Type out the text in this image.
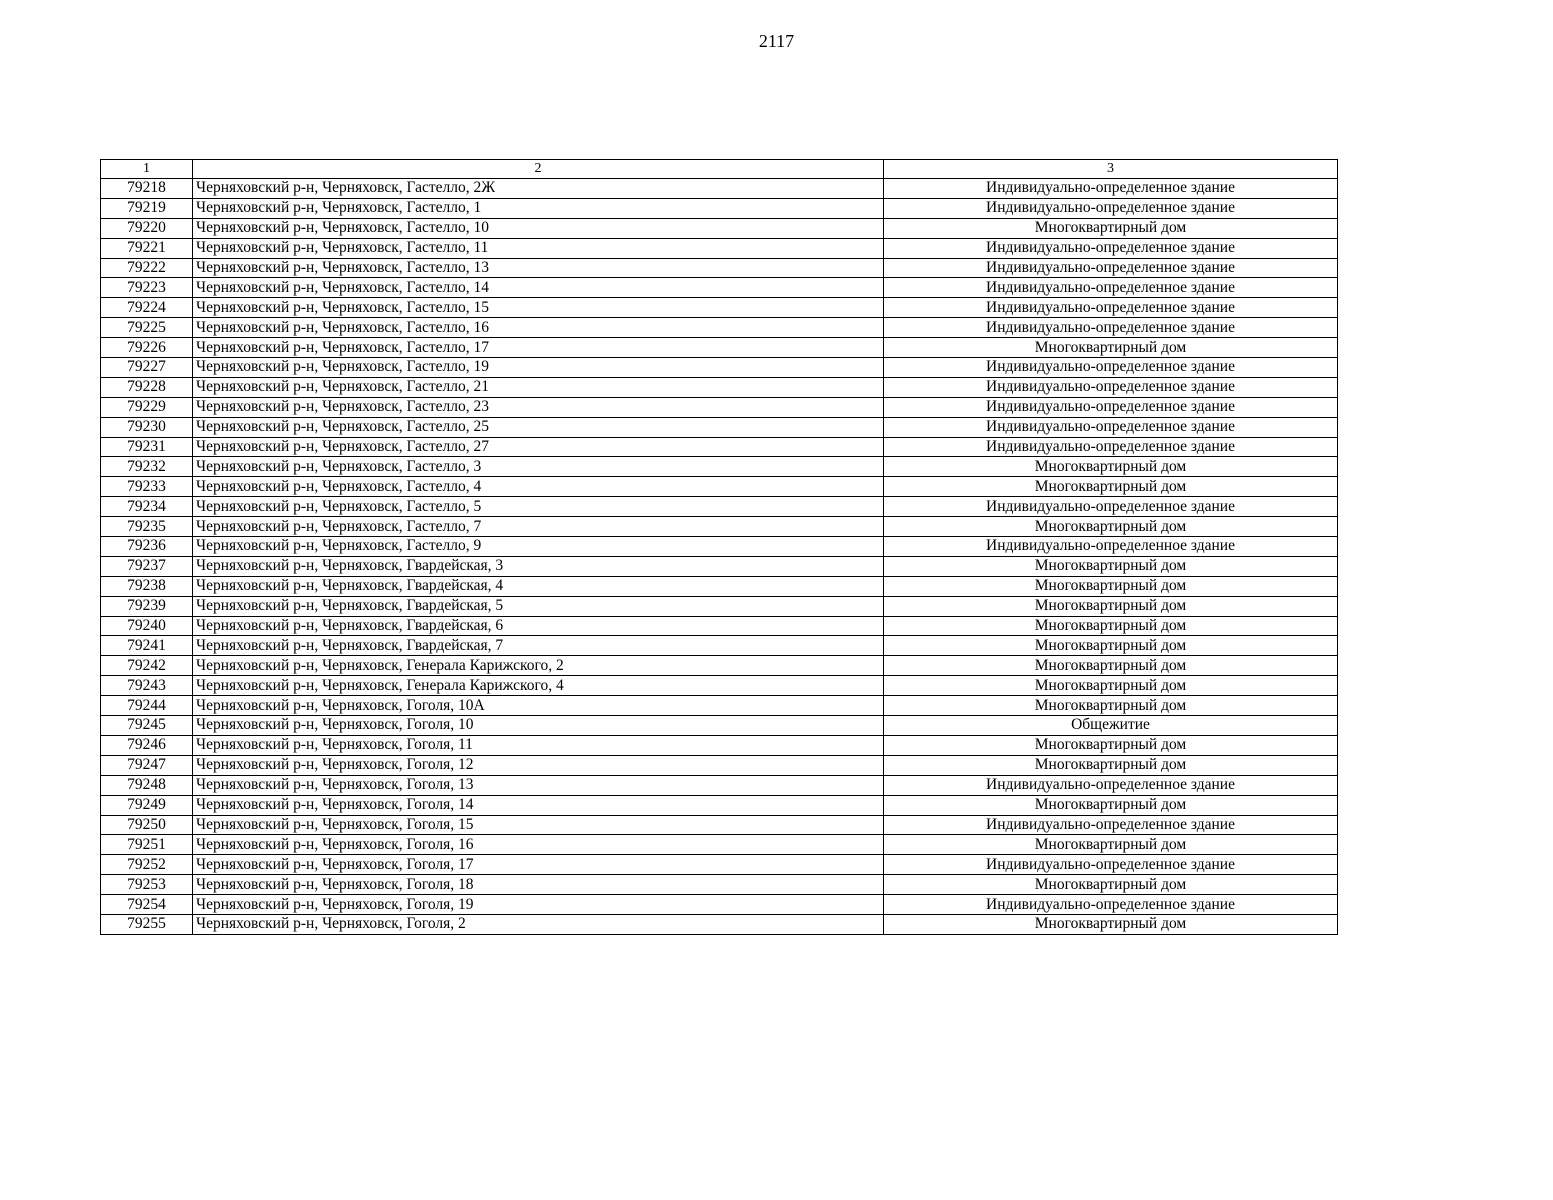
2117
1	2	3
79218	Черняховский р-н, Черняховск, Гастелло, 2Ж	Индивидуально-определенное здание
79219	Черняховский р-н, Черняховск, Гастелло, 1	Индивидуально-определенное здание
79220	Черняховский р-н, Черняховск, Гастелло, 10	Многоквартирный дом
79221	Черняховский р-н, Черняховск, Гастелло, 11	Индивидуально-определенное здание
79222	Черняховский р-н, Черняховск, Гастелло, 13	Индивидуально-определенное здание
79223	Черняховский р-н, Черняховск, Гастелло, 14	Индивидуально-определенное здание
79224	Черняховский р-н, Черняховск, Гастелло, 15	Индивидуально-определенное здание
79225	Черняховский р-н, Черняховск, Гастелло, 16	Индивидуально-определенное здание
79226	Черняховский р-н, Черняховск, Гастелло, 17	Многоквартирный дом
79227	Черняховский р-н, Черняховск, Гастелло, 19	Индивидуально-определенное здание
79228	Черняховский р-н, Черняховск, Гастелло, 21	Индивидуально-определенное здание
79229	Черняховский р-н, Черняховск, Гастелло, 23	Индивидуально-определенное здание
79230	Черняховский р-н, Черняховск, Гастелло, 25	Индивидуально-определенное здание
79231	Черняховский р-н, Черняховск, Гастелло, 27	Индивидуально-определенное здание
79232	Черняховский р-н, Черняховск, Гастелло, 3	Многоквартирный дом
79233	Черняховский р-н, Черняховск, Гастелло, 4	Многоквартирный дом
79234	Черняховский р-н, Черняховск, Гастелло, 5	Индивидуально-определенное здание
79235	Черняховский р-н, Черняховск, Гастелло, 7	Многоквартирный дом
79236	Черняховский р-н, Черняховск, Гастелло, 9	Индивидуально-определенное здание
79237	Черняховский р-н, Черняховск, Гвардейская, 3	Многоквартирный дом
79238	Черняховский р-н, Черняховск, Гвардейская, 4	Многоквартирный дом
79239	Черняховский р-н, Черняховск, Гвардейская, 5	Многоквартирный дом
79240	Черняховский р-н, Черняховск, Гвардейская, 6	Многоквартирный дом
79241	Черняховский р-н, Черняховск, Гвардейская, 7	Многоквартирный дом
79242	Черняховский р-н, Черняховск, Генерала Карижского, 2	Многоквартирный дом
79243	Черняховский р-н, Черняховск, Генерала Карижского, 4	Многоквартирный дом
79244	Черняховский р-н, Черняховск, Гоголя, 10А	Многоквартирный дом
79245	Черняховский р-н, Черняховск, Гоголя, 10	Общежитие
79246	Черняховский р-н, Черняховск, Гоголя, 11	Многоквартирный дом
79247	Черняховский р-н, Черняховск, Гоголя, 12	Многоквартирный дом
79248	Черняховский р-н, Черняховск, Гоголя, 13	Индивидуально-определенное здание
79249	Черняховский р-н, Черняховск, Гоголя, 14	Многоквартирный дом
79250	Черняховский р-н, Черняховск, Гоголя, 15	Индивидуально-определенное здание
79251	Черняховский р-н, Черняховск, Гоголя, 16	Многоквартирный дом
79252	Черняховский р-н, Черняховск, Гоголя, 17	Индивидуально-определенное здание
79253	Черняховский р-н, Черняховск, Гоголя, 18	Многоквартирный дом
79254	Черняховский р-н, Черняховск, Гоголя, 19	Индивидуально-определенное здание
79255	Черняховский р-н, Черняховск, Гоголя, 2	Многоквартирный дом
